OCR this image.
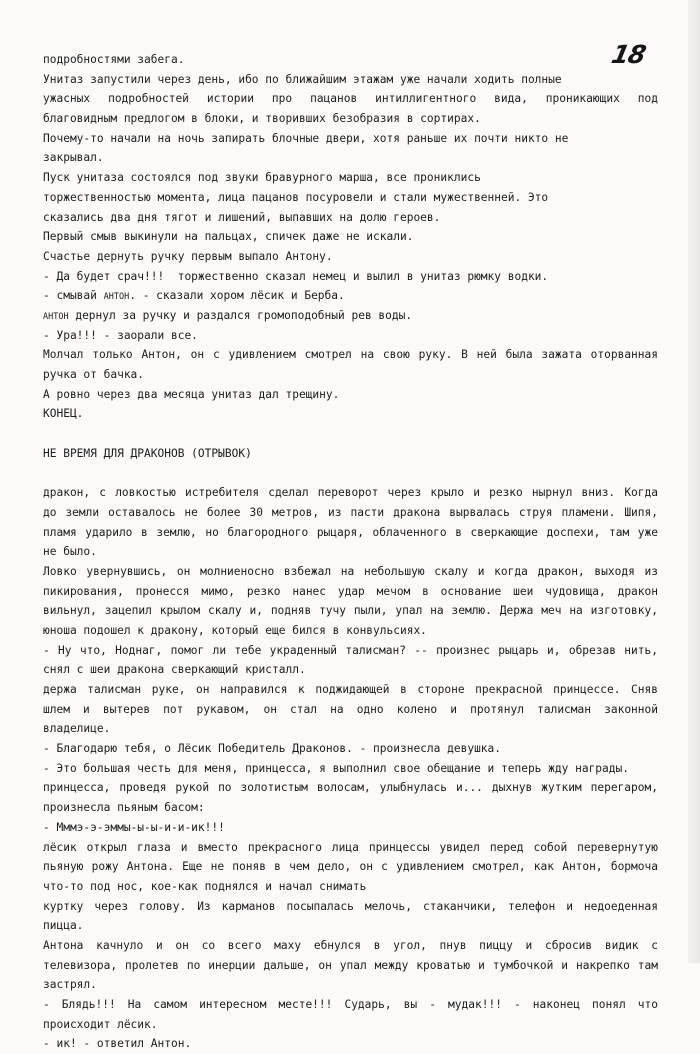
18
подробностями забега.
Унитаз запустили через день, ибо по ближайшим этажам уже начали ходить полные
ужасных подробностей истории про пацанов интиллигентного вида, проникающих под
благовидным предлогом в блоки, и творивших безобразия в сортирах.
Почему-то начали на ночь запирать блочные двери, хотя раньше их почти никто не
закрывал.
Пуск унитаза состоялся под звуки бравурного марша, все прониклись
торжественностью момента, лица пацанов посуровели и стали мужественней. Это
сказались два дня тягот и лишений, выпавших на долю героев.
Первый смыв выкинули на пальцах, спичек даже не искали.
Счастье дернуть ручку первым выпало Антону.
- Да будет срач!!!  торжественно сказал немец и вылил в унитаз рюмку водки.
- смывай АНТОН. - сказали хором лёсик и Берба.
АНТОН дернул за ручку и раздался громоподобный рев воды.
- Ура!!! - заорали все.
Молчал только Антон, он с удивлением смотрел на свою руку. В ней была зажата оторванная
ручка от бачка.
А ровно через два месяца унитаз дал трещину.
КОНЕЦ.
НЕ ВРЕМЯ ДЛЯ ДРАКОНОВ (ОТРЫВОК)
дракон, с ловкостью истребителя сделал переворот через крыло и резко нырнул вниз. Когда
до земли оставалось не более 30 метров, из пасти дракона вырвалась струя пламени. Шипя,
пламя ударило в землю, но благородного рыцаря, облаченного в сверкающие доспехи, там уже
не было.
Ловко увернувшись, он молниеносно взбежал на небольшую скалу и когда дракон, выходя из
пикирования, пронесся мимо, резко нанес удар мечом в основание шеи чудовища, дракон
вильнул, зацепил крылом скалу и, подняв тучу пыли, упал на землю. Держа меч на изготовку,
юноша подошел к дракону, который еще бился в конвульсиях.
- Ну что, Ноднаг, помог ли тебе украденный талисман? -- произнес рыцарь и, обрезав нить,
снял с шеи дракона сверкающий кристалл.
держа талисман руке, он направился к поджидающей в стороне прекрасной принцессе. Сняв
шлем и вытерев пот рукавом, он стал на одно колено и протянул талисман законной
владелице.
- Благодарю тебя, о Лёсик Победитель Драконов. - произнесла девушка.
- Это большая честь для меня, принцесса, я выполнил свое обещание и теперь жду награды.
принцесса, проведя рукой по золотистым волосам, улыбнулась и... дыхнув жутким перегаром,
произнесла пьяным басом:
- Мммэ-э-эммы-ы-ы-и-и-ик!!!
лёсик открыл глаза и вместо прекрасного лица принцессы увидел перед собой перевернутую
пьяную рожу Антона. Еще не поняв в чем дело, он с удивлением смотрел, как Антон, бормоча
что-то под нос, кое-как поднялся и начал снимать
куртку через голову. Из карманов посыпалась мелочь, стаканчики, телефон и недоеденная
пицца.
Антона качнуло и он со всего маху ебнулся в угол, пнув пиццу и сбросив видик с
телевизора, пролетев по инерции дальше, он упал между кроватью и тумбочкой и накрепко там
застрял.
- Блядь!!! На самом интересном месте!!! Сударь, вы - мудак!!! - наконец понял что
происходит лёсик.
- ик! - ответил Антон.
